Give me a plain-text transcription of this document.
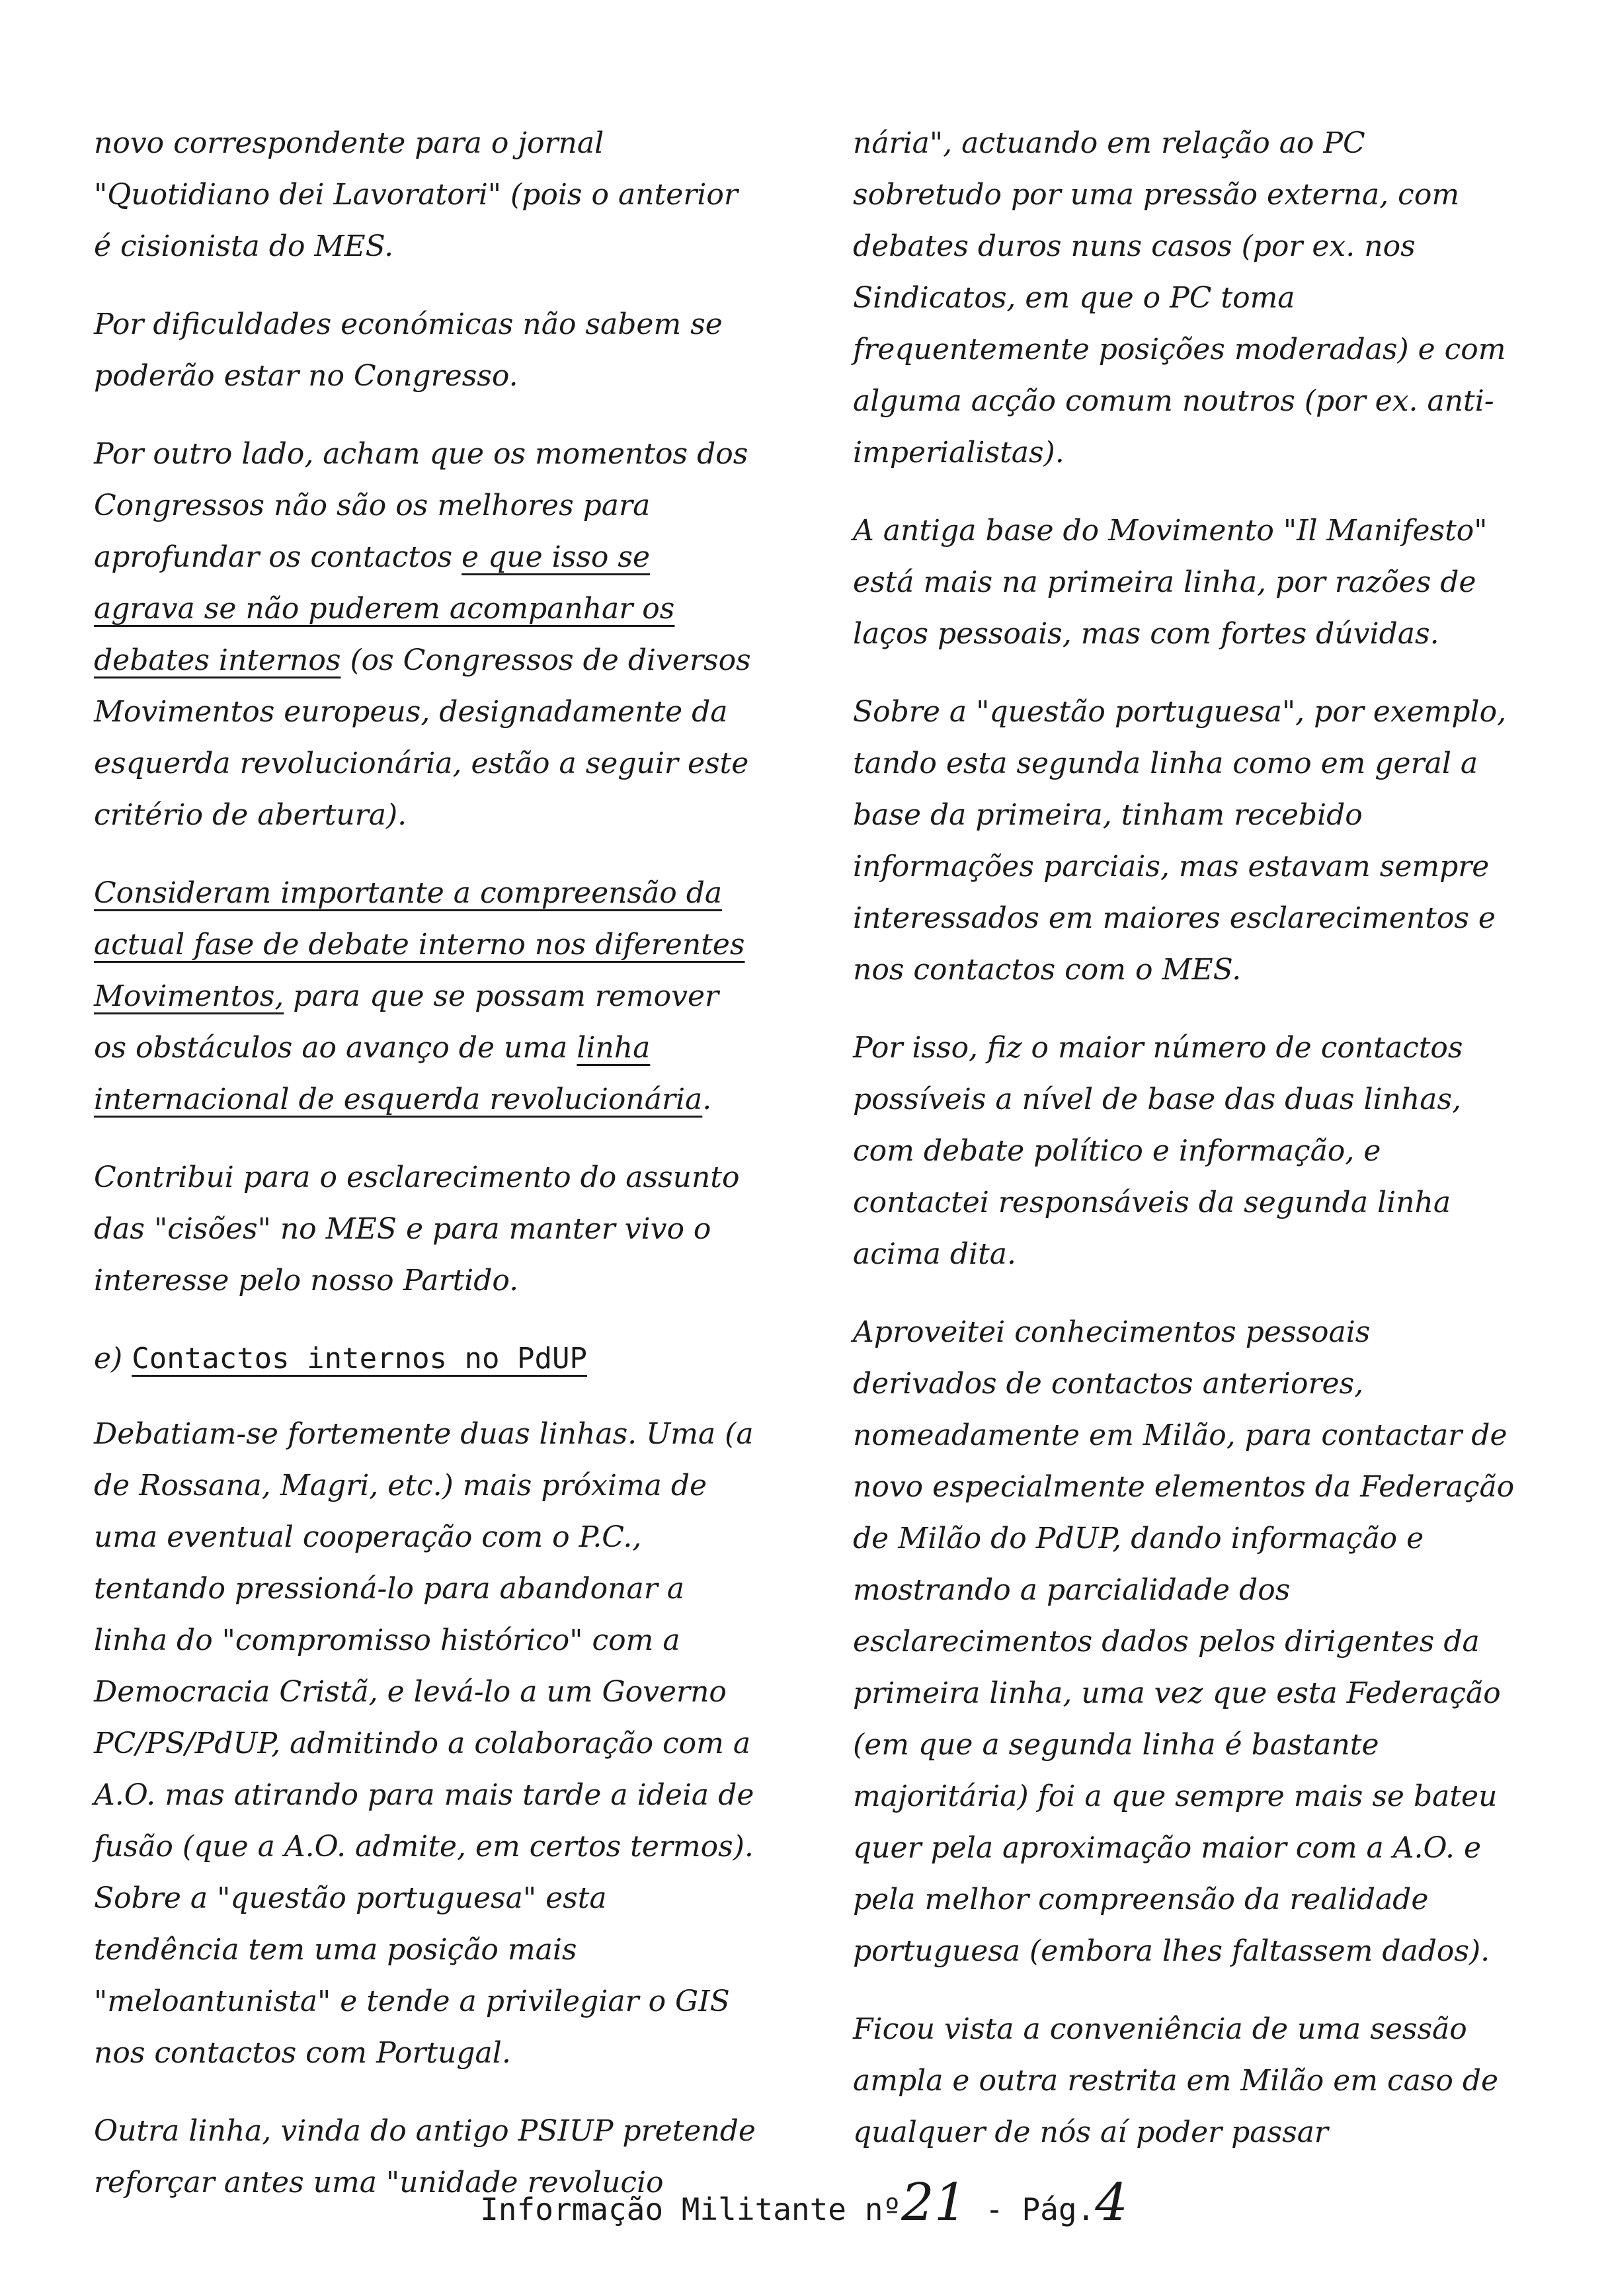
novo correspondente para o jornal "Quotidiano dei Lavoratori" (pois o anterior é cisionista do MES.

Por dificuldades económicas não sabem se poderão estar no Congresso.

Por outro lado, acham que os momentos dos Congressos não são os melhores para aprofundar os contactos e que isso se agrava se não puderem acompanhar os debates internos (os Congressos de diversos Movimentos europeus, designadamente da esquerda revolucionária, estão a seguir este critério de abertura).

Consideram importante a compreensão da actual fase de debate interno nos diferentes Movimentos, para que se possam remover os obstáculos ao avanço de uma linha internacional de esquerda revolucionária.

Contribui para o esclarecimento do assunto das "cisões" no MES e para manter vivo o interesse pelo nosso Partido.

e) Contactos internos no PdUP

Debatiam-se fortemente duas linhas. Uma (a de Rossana, Magri, etc.) mais próxima de uma eventual cooperação com o P.C., tentando pressioná-lo para abandonar a linha do "compromisso histórico" com a Democracia Cristã, e levá-lo a um Governo PC/PS/PdUP, admitindo a colaboração com a A.O. mas atirando para mais tarde a ideia de fusão (que a A.O. admite, em certos termos). Sobre a "questão portuguesa" esta tendência tem uma posição mais "meloantunista" e tende a privilegiar o GIS nos contactos com Portugal.

Outra linha, vinda do antigo PSIUP pretende reforçar antes uma "unidade revolucio

nária", actuando em relação ao PC sobretudo por uma pressão externa, com debates duros nuns casos (por ex. nos Sindicatos, em que o PC toma frequentemente posições moderadas) e com alguma acção comum noutros (por ex. anti-imperialistas).

A antiga base do Movimento "Il Manifesto" está mais na primeira linha, por razões de laços pessoais, mas com fortes dúvidas.

Sobre a "questão portuguesa", por exemplo, tando esta segunda linha como em geral a base da primeira, tinham recebido informações parciais, mas estavam sempre interessados em maiores esclarecimentos e nos contactos com o MES.

Por isso, fiz o maior número de contactos possíveis a nível de base das duas linhas, com debate político e informação, e contactei responsáveis da segunda linha acima dita.

Aproveitei conhecimentos pessoais derivados de contactos anteriores, nomeadamente em Milão, para contactar de novo especialmente elementos da Federação de Milão do PdUP, dando informação e mostrando a parcialidade dos esclarecimentos dados pelos dirigentes da primeira linha, uma vez que esta Federação (em que a segunda linha é bastante majoritária) foi a que sempre mais se bateu quer pela aproximação maior com a A.O. e pela melhor compreensão da realidade portuguesa (embora lhes faltassem dados).

Ficou vista a conveniência de uma sessão ampla e outra restrita em Milão em caso de qualquer de nós aí poder passar

Informação Militante nº21 - Pág.4
